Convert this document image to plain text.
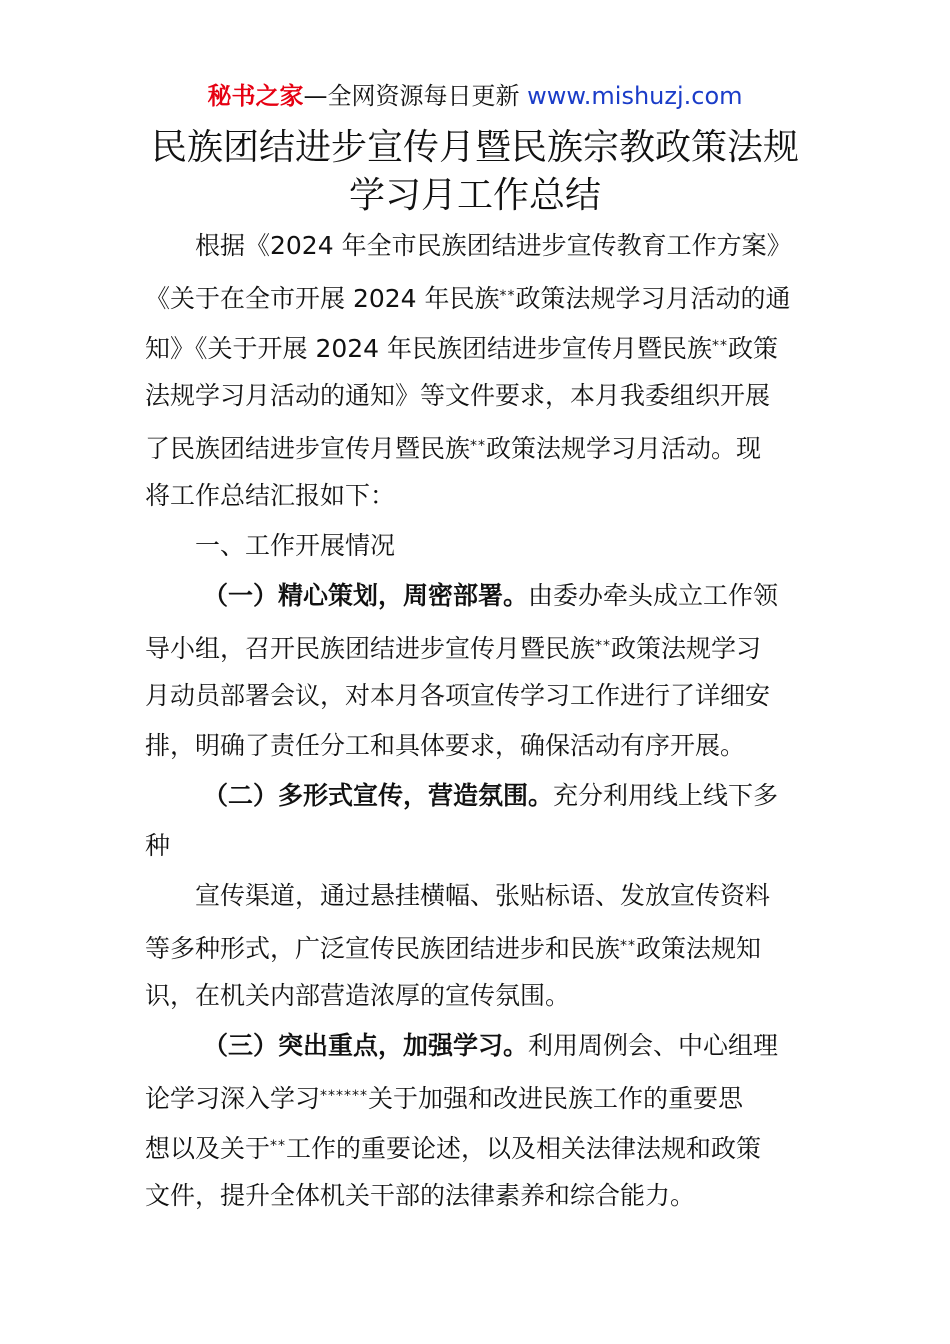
秘书之家—全网资源每日更新 www.mishuzj.com
民族团结进步宣传月暨民族宗教政策法规
学习月工作总结
根据《2024 年全市民族团结进步宣传教育工作方案》
《关于在全市开展 2024 年民族**政策法规学习月活动的通
知》《关于开展 2024 年民族团结进步宣传月暨民族**政策
法规学习月活动的通知》等文件要求，本月我委组织开展
了民族团结进步宣传月暨民族**政策法规学习月活动。现
将工作总结汇报如下：
一、工作开展情况
（一）精心策划，周密部署。由委办牵头成立工作领
导小组，召开民族团结进步宣传月暨民族**政策法规学习
月动员部署会议，对本月各项宣传学习工作进行了详细安
排，明确了责任分工和具体要求，确保活动有序开展。
（二）多形式宣传，营造氛围。充分利用线上线下多
种
宣传渠道，通过悬挂横幅、张贴标语、发放宣传资料
等多种形式，广泛宣传民族团结进步和民族**政策法规知
识，在机关内部营造浓厚的宣传氛围。
（三）突出重点，加强学习。利用周例会、中心组理
论学习深入学习******关于加强和改进民族工作的重要思
想以及关于**工作的重要论述，以及相关法律法规和政策
文件，提升全体机关干部的法律素养和综合能力。
